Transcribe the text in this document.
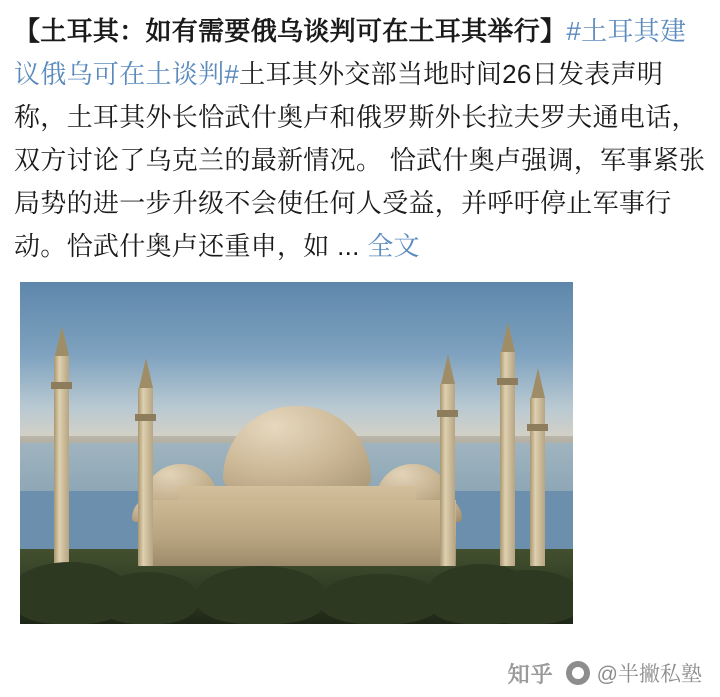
【土耳其：如有需要俄乌谈判可在土耳其举行】#土耳其建议俄乌可在土谈判#土耳其外交部当地时间26日发表声明称，土耳其外长恰武什奥卢和俄罗斯外长拉夫罗夫通电话，双方讨论了乌克兰的最新情况。 恰武什奥卢强调，军事紧张局势的进一步升级不会使任何人受益，并呼吁停止军事行动。恰武什奥卢还重申，如 ... 全文
知乎 @半撇私塾
